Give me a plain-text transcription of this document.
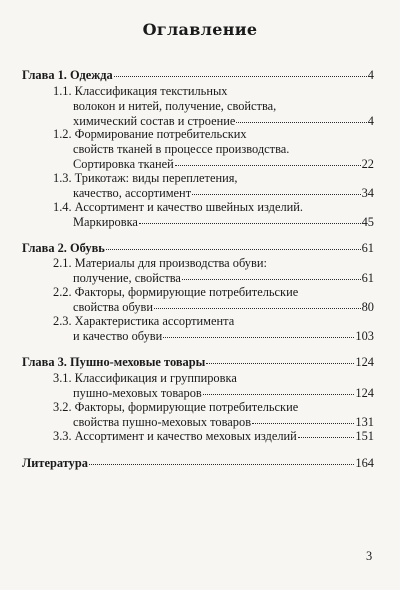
Оглавление
Глава 1. Одежда	4
1.1. Классификация текстильных
волокон и нитей, получение, свойства,
химический состав и строение	4
1.2. Формирование потребительских
свойств тканей в процессе производства.
Сортировка тканей	22
1.3. Трикотаж: виды переплетения,
качество, ассортимент	34
1.4. Ассортимент и качество швейных изделий.
Маркировка	45
Глава 2. Обувь	61
2.1. Материалы для производства обуви:
получение, свойства	61
2.2. Факторы, формирующие потребительские
свойства обуви	80
2.3. Характеристика ассортимента
и качество обуви	103
Глава 3. Пушно-меховые товары	124
3.1. Классификация и группировка
пушно-меховых товаров	124
3.2. Факторы, формирующие потребительские
свойства пушно-меховых товаров	131
3.3. Ассортимент и качество меховых изделий	151
Литература	164
3
